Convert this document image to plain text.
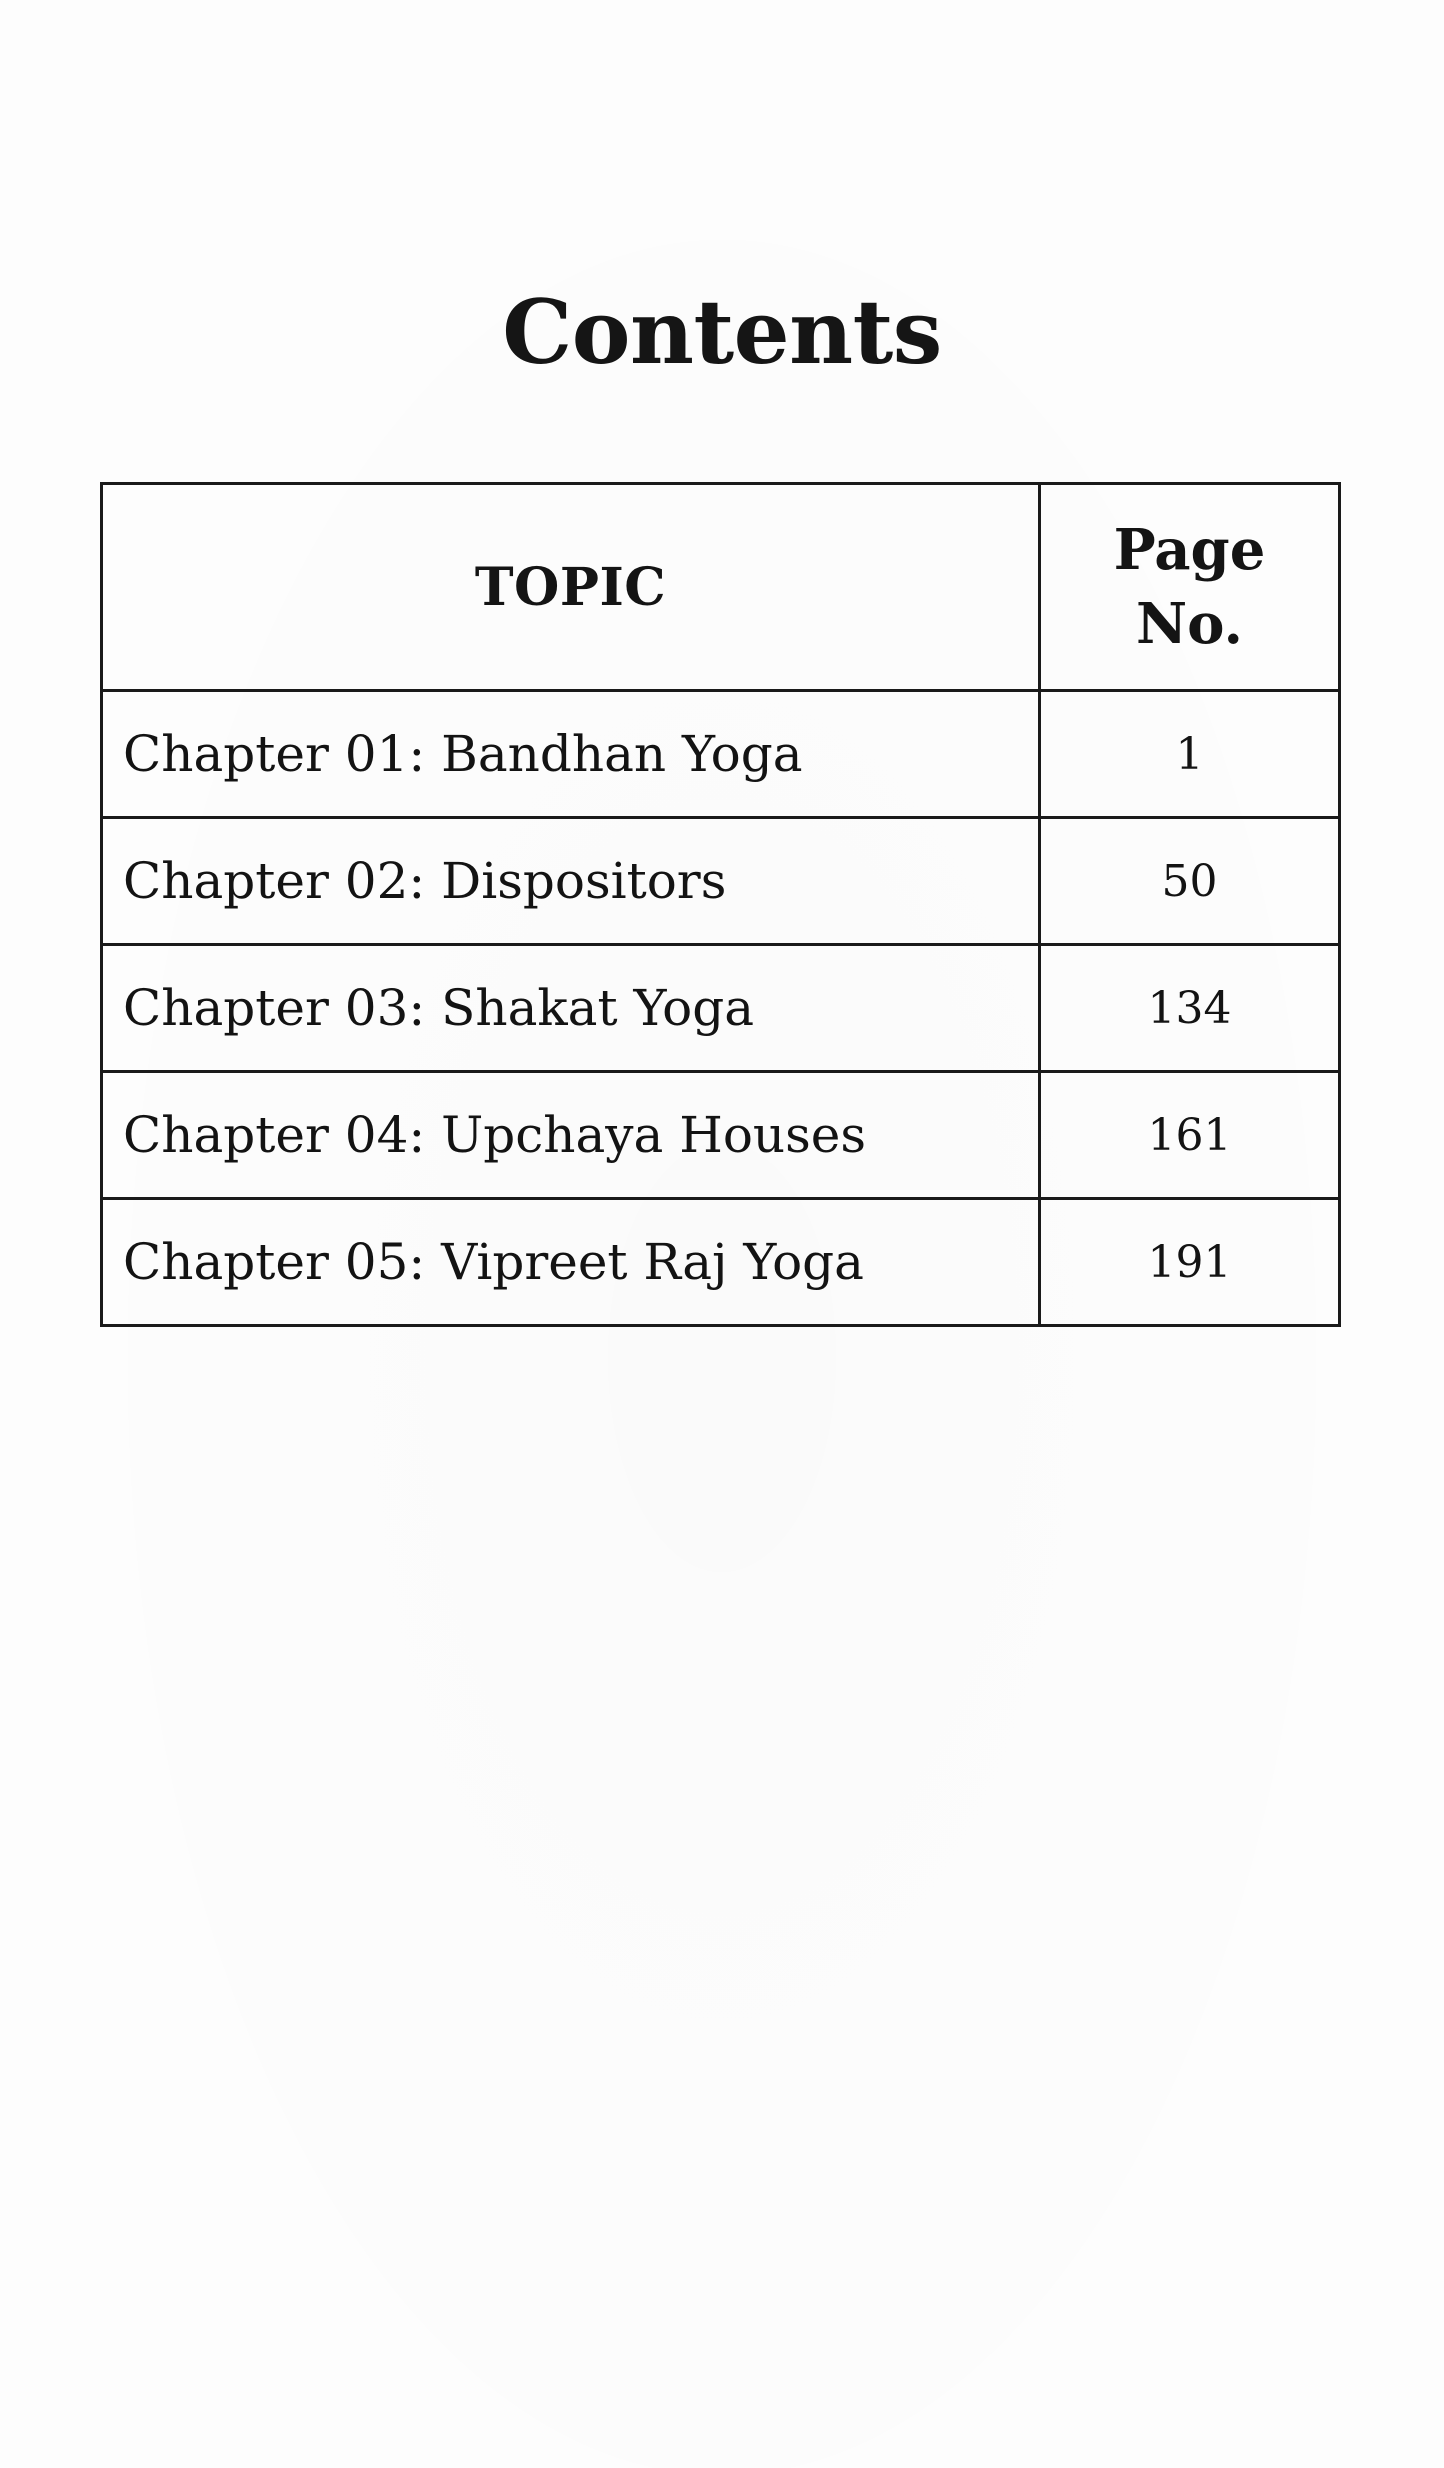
Contents
TOPIC	Page
No.

Chapter 01: Bandhan Yoga	1
Chapter 02: Dispositors	50
Chapter 03: Shakat Yoga	134
Chapter 04: Upchaya Houses	161
Chapter 05: Vipreet Raj Yoga	191
